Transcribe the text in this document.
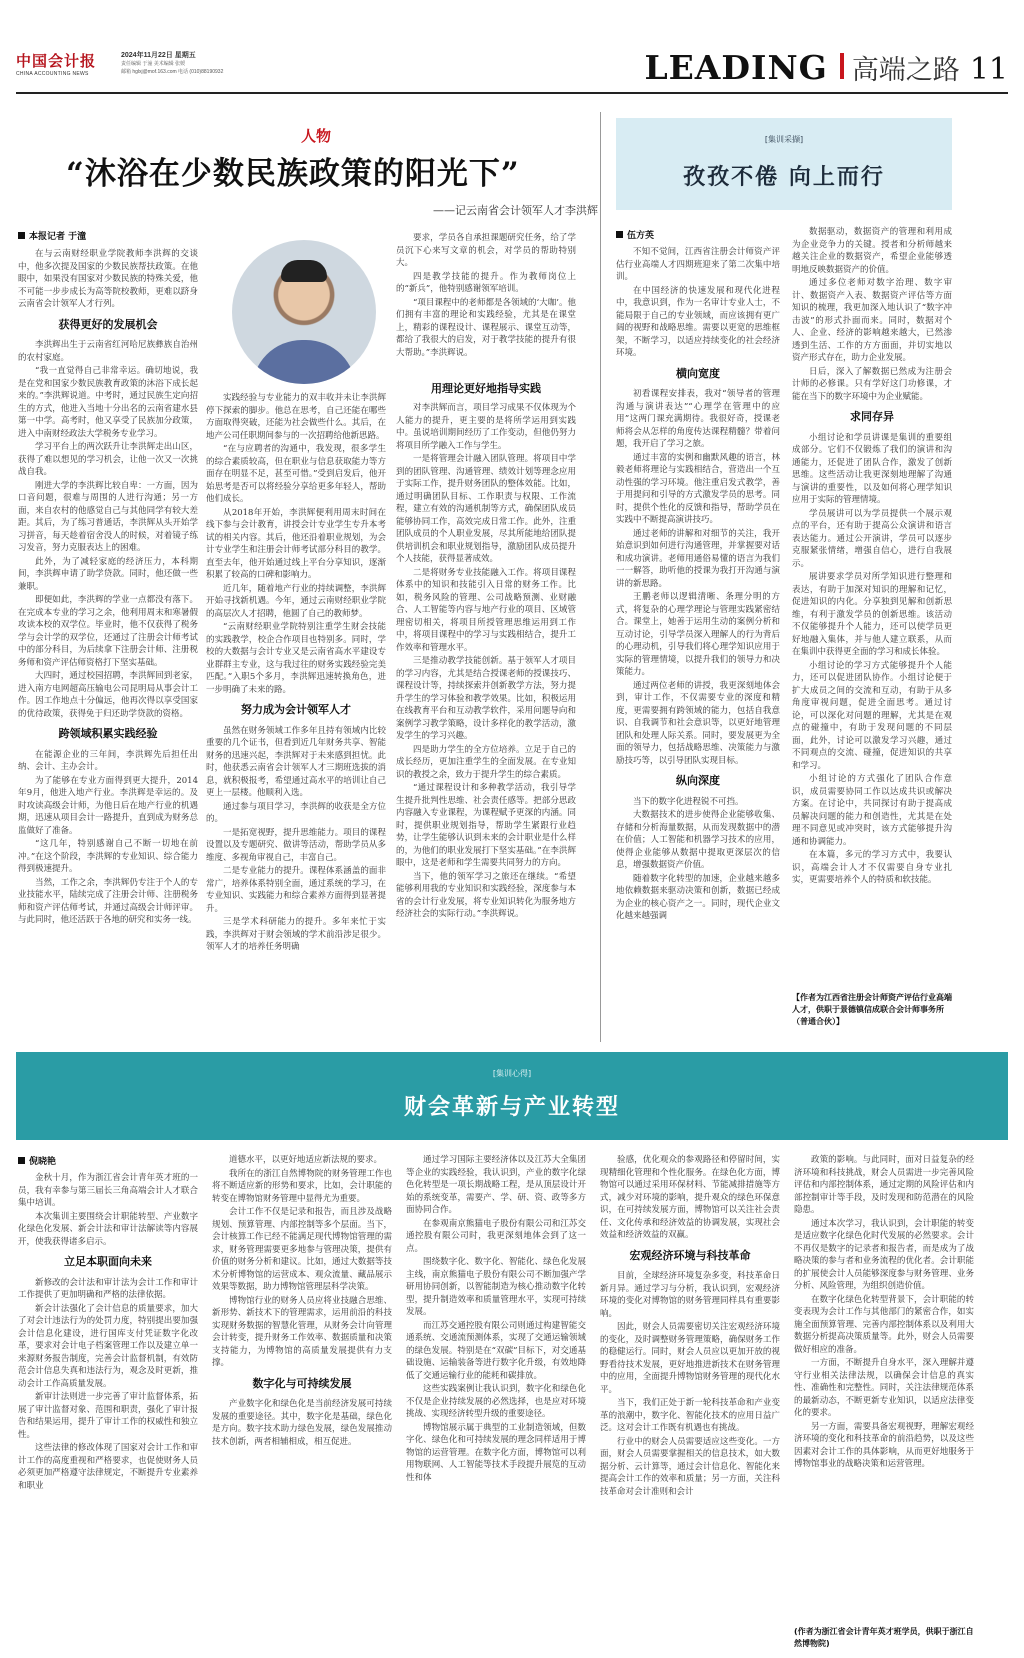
中国会计报
CHINA ACCOUNTING NEWS
2024年11月22日 星期五
责任编辑 于潼 美术编辑 张媛
邮箱 hglxj@mof.163.com 电话 (010)88190932	LEADING 高端之路 11
人物
“沐浴在少数民族政策的阳光下”
——记云南省会计领军人才李洪辉
本报记者 于潼

在与云南财经职业学院教师李洪辉的交谈中，他多次提及国家的少数民族帮扶政策。在他眼中，如果没有国家对少数民族的特殊关爱，他不可能一步步成长为高等院校教师，更难以跻身云南省会计领军人才行列。

获得更好的发展机会

李洪辉出生于云南省红河哈尼族彝族自治州的农村家庭。

“我一直觉得自己非常幸运。确切地说，我是在党和国家少数民族教育政策的沐浴下成长起来的。”李洪辉说道。中考时，通过民族生定向招生的方式，他进入当地十分出名的云南省建水县第一中学。高考时，他又享受了民族加分政策，进入中南财经政法大学税务专业学习。

学习平台上的两次跃升让李洪辉走出山区，获得了难以想见的学习机会，让他一次又一次挑战自我。

刚进大学的李洪辉比较自卑：一方面，因为口音问题，很难与周围的人进行沟通；另一方面，来自农村的他感觉自己与其他同学有较大差距。其后，为了练习普通话，李洪辉从头开始学习拼音，每天趁着宿舍没人的时候，对着镜子练习发音，努力克服表达上的困难。

此外，为了减轻家庭的经济压力，本科期间，李洪辉申请了助学贷款。同时，他还做一些兼职。

即便如此，李洪辉的学业一点都没有落下。在完成本专业的学习之余，他利用周末和寒暑假攻读本校的双学位。毕业时，他不仅获得了税务学与会计学的双学位，还通过了注册会计师考试中的部分科目，为后续拿下注册会计师、注册税务师和资产评估师资格打下坚实基础。

大四时，通过校园招聘，李洪辉回到老家，进入南方电网超高压输电公司昆明局从事会计工作。因工作地点十分偏远，他再次得以享受国家的优待政策，获得免于归还助学贷款的资格。

跨领域积累实践经验

在能源企业的三年间，李洪辉先后担任出纳、会计、主办会计。

为了能够在专业方面得到更大提升，2014年9月，他进入地产行业。李洪辉是幸运的。及时攻读高级会计师，为他日后在地产行业的机遇期，迅速从项目会计一路提升，直到成为财务总监做好了准备。

“这几年，特别感谢自己不断一切地在前冲。”在这个阶段，李洪辉的专业知识、综合能力得到极速提升。

当然，工作之余，李洪辉仍专注于个人的专业技能水平，陆续完成了注册会计师、注册税务师和资产评估师考试，并通过高级会计师评审。与此同时，他还活跃于各地的研究和实务一线。

实践经验与专业能力的双丰收并未让李洪辉停下探索的脚步。他总在思考，自己还能在哪些方面取得突破，还能为社会做些什么。其后，在地产公司任职期间参与的一次招聘给他新思路。

“在与应聘者的沟通中，我发现，很多学生的综合素质较高，但在职业与信息获取能力等方面存在明显不足，甚至可惜。”受到启发后，他开始思考是否可以将经验分享给更多年轻人，帮助他们成长。

从2018年开始，李洪辉便利用周末时间在线下参与会计教育，讲授会计专业学生专升本考试的相关内容。其后，他还沿着职业规划，为会计专业学生和注册会计师考试部分科目的教学。直至去年，他开始通过线上平台分享知识，逐渐积累了较高的口碑和影响力。

近几年，随着地产行业的持续调整，李洪辉开始寻找新机遇。今年，通过云南财经职业学院的高层次人才招聘，他圆了自己的教师梦。

“云南财经职业学院特别注重学生财会技能的实践教学，校企合作项目也特别多。同时，学校的大数据与会计专业又是云南省高水平建设专业群群主专业，这与我过往的财务实践经验完美匹配。”入职5个多月，李洪辉迅速转换角色，进一步明确了未来的路。

努力成为会计领军人才

虽然在财务领域工作多年且持有领域内比较重要的几个证书，但看到近几年财务共享、智能财务的迅速兴起，李洪辉对于未来感到担忧。此时，他获悉云南省会计领军人才三期班选拔的消息，就积极报考，希望通过高水平的培训让自己更上一层楼。他顺利入选。

通过参与项目学习，李洪辉的收获是全方位的。

一是拓宽视野，提升思维能力。项目的课程设置以及专题研究、做讲等活动，帮助学员从多维度、多视角审视自己，丰富自己。

二是专业能力的提升。课程体系涵盖的面非常广，培养体系特别全面，通过系统的学习，在专业知识、实践能力和综合素养方面得到显著提升。

三是学术科研能力的提升。多年来忙于实践，李洪辉对于财会领域的学术前沿涉足很少。领军人才的培养任务明确

要求，学员各自承担课题研究任务，给了学员沉下心来写文章的机会，对学员的帮助特别大。

四是教学技能的提升。作为教师岗位上的“新兵”，他特别感谢领军培训。

“项目课程中的老师都是各领域的‘大咖’。他们拥有丰富的理论和实践经验，尤其是在课堂上，精彩的课程设计、课程展示、课堂互动等，都给了我很大的启发，对于教学技能的提升有很大帮助。”李洪辉说。

用理论更好地指导实践

对李洪辉而言，项目学习成果不仅体现为个人能力的提升，更主要的是将所学运用到实践中。虽说培训期间经历了工作变动，但他仍努力将项目所学融入工作与学生。

一是将管理会计融入团队管理。将项目中学到的团队管理、沟通管理、绩效计划等理念应用于实际工作，提升财务团队的整体效能。比如，通过明确团队目标、工作职责与权限、工作流程，建立有效的沟通机制等方式，确保团队成员能够协同工作，高效完成日常工作。此外，注重团队成员的个人职业发展，尽其所能地给团队提供培训机会和职业规划指导，激励团队成员提升个人技能，获得显著成效。

二是将财务专业技能融入工作。将项目课程体系中的知识和技能引入日常的财务工作。比如，税务风险的管理、公司战略预测、业财融合、人工智能等内容与地产行业的项目、区域管理密切相关，将项目所授管理思维运用到工作中，将项目课程中的学习与实践相结合，提升工作效率和管理水平。

三是推动教学技能创新。基于领军人才项目的学习内容，尤其是结合授课老师的授课技巧、课程设计等，持续探索并创新教学方法，努力提升学生的学习体验和教学效果。比如，积极运用在线教育平台和互动教学软件，采用问题导向和案例学习教学策略，设计多样化的教学活动，激发学生的学习兴趣。

四是助力学生的全方位培养。立足于自己的成长经历，更加注重学生的全面发展。在专业知识的教授之余，致力于提升学生的综合素质。

“通过课程设计和多种教学活动，我引导学生提升批判性思维、社会责任感等。把部分思政内容融入专业课程，为课程赋予更深的内涵。同时，提供职业规划指导，帮助学生紧跟行业趋势，让学生能够认识到未来的会计职业是什么样的，为他们的职业发展打下坚实基础。”在李洪辉眼中，这是老师和学生需要共同努力的方向。

当下，他的领军学习之旅还在继续。“希望能够利用我的专业知识和实践经验，深度参与本省的会计行业发展，将专业知识转化为服务地方经济社会的实际行动。”李洪辉说。

[集训采撷]
孜孜不倦 向上而行
伍方英

不知不觉间，江西省注册会计师资产评估行业高端人才四期班迎来了第二次集中培训。

在中国经济的快速发展和现代化进程中，我意识到，作为一名审计专业人士，不能局限于自己的专业领域，而应该拥有更广阔的视野和战略思维。需要以更宽的思维框架，不断学习，以适应持续变化的社会经济环境。

横向宽度

初看课程安排表，我对“领导者的管理沟通与演讲表达”“心理学在管理中的应用”这两门课充满期待。我很好奇，授课老师将会从怎样的角度传达课程精髓？带着问题，我开启了学习之旅。

通过丰富的实例和幽默风趣的语言，林毅老师将理论与实践相结合，营造出一个互动性强的学习环境。他注重启发式教学，善于用提问和引导的方式激发学员的思考。同时，提供个性化的反馈和指导，帮助学员在实践中不断提高演讲技巧。

通过老师的讲解和对细节的关注，我开始意识到如何进行沟通管理，并掌握要对话和成功演讲。老师用通俗易懂的语言为我们一一解答，助听他的授课为我打开沟通与演讲的新思路。

王鹏老师以逻辑清晰、条理分明的方式，将复杂的心理学理论与管理实践紧密结合。课堂上，她善于运用生动的案例分析和互动讨论，引导学员深入理解人的行为背后的心理动机，引导我们将心理学知识应用于实际的管理情境，以提升我们的领导力和决策能力。

通过两位老师的讲授，我更深刻地体会到，审计工作，不仅需要专业的深度和精度，更需要拥有跨领域的能力，包括自我意识、自我调节和社会意识等，以更好地管理团队和处理人际关系。同时，要发展更为全面的领导力，包括战略思维、决策能力与激励技巧等，以引导团队实现目标。

纵向深度

当下的数字化进程锐不可挡。

大数据技术的进步使得企业能够收集、存储和分析海量数据，从而发现数据中的潜在价值；人工智能和机器学习技术的应用，使得企业能够从数据中提取更深层次的信息，增强数据资产价值。

随着数字化转型的加速，企业越来越多地依赖数据来驱动决策和创新，数据已经成为企业的核心资产之一。同时，现代企业文化越来越强调

数据驱动，数据资产的管理和利用成为企业竞争力的关键。授者和分析师越来越关注企业的数据资产，希望企业能够透明地反映数据资产的价值。

通过多位老师对数字治理、数字审计、数据资产入表、数据资产评估等方面知识的梳理，我更加深入地认识了“数字冲击波”的形式扑面而来。同时，数据对个人、企业、经济的影响越来越大，已然渗透到生活、工作的方方面面，并切实地以资产形式存在，助力企业发展。

日后，深入了解数据已然成为注册会计师的必修课。只有学好这门功修课，才能在当下的数字环境中为企业赋能。

求同存异

小组讨论和学员讲课是集训的重要组成部分。它们不仅锻炼了我们的演讲和沟通能力，还促进了团队合作，激发了创新思维。这些活动让我更深刻地理解了沟通与演讲的重要性，以及如何将心理学知识应用于实际的管理情境。

学员展讲可以为学员提供一个展示观点的平台，还有助于提高公众演讲和语言表达能力。通过公开演讲，学员可以逐步克服紧张情绪，增强自信心，进行自我展示。

展讲要求学员对所学知识进行整理和表达，有助于加深对知识的理解和记忆，促进知识的内化。分享独到见解和创新思维，有利于激发学员的创新思维。该活动不仅能够提升个人能力，还可以使学员更好地融入集体，并与他人建立联系，从而在集训中获得更全面的学习和成长体验。

小组讨论的学习方式能够提升个人能力，还可以促进团队协作。小组讨论便于扩大成员之间的交流和互动，有助于从多角度审视问题，促进全面思考。通过讨论，可以深化对问题的理解，尤其是在观点的碰撞中，有助于发现问题的不同层面，此外，讨论可以激发学习兴趣，通过不同观点的交流、碰撞，促进知识的共享和学习。

小组讨论的方式强化了团队合作意识，成员需要协同工作以达成共识或解决方案。在讨论中，共同探讨有助于提高成员解决问题的能力和创造性，尤其是在处理不同意见或冲突时，该方式能够提升沟通和协调能力。

在本篇，多元的学习方式中，我要认识，高端会计人才不仅需要自身专业扎实，更需要培养个人的特质和软技能。

【作者为江西省注册会计师资产评估行业高端人才，供职于景德镇信成联合会计师事务所（普通合伙）】
[集训心得]
财会革新与产业转型
倪晓艳

金秋十月，作为浙江省会计青年英才班的一员，我有幸参与第三届长三角高端会计人才联合集中培训。

本次集训主要围绕会计职能转型、产业数字化绿色化发展、新会计法和审计法解读等内容展开，使我获得诸多启示。

立足本职面向未来

新修改的会计法和审计法为会计工作和审计工作提供了更加明确和严格的法律依据。

新会计法强化了会计信息的质量要求，加大了对会计违法行为的处罚力度，特别提出要加强会计信息化建设，进行国库支付凭证数字化改革，要求对会计电子档案管理工作以及建立单一来源财务报告制度，完善会计监督机制，有效防范会计信息失真和违法行为，观念及时更新，推动会计工作高质量发展。

新审计法则进一步完善了审计监督体系，拓展了审计监督对象、范围和职责，强化了审计报告和结果运用，提升了审计工作的权威性和独立性。

这些法律的修改体现了国家对会计工作和审计工作的高度重视和严格要求，也促使财务人员必须更加严格遵守法律规定，不断提升专业素养和职业

道德水平，以更好地适应新法规的要求。

我所在的浙江自然博物院的财务管理工作也将不断适应新的形势和要求，比如，会计职能的转变在博物馆财务管理中显得尤为重要。

会计工作不仅是记录和报告，而且涉及战略规划、预算管理、内部控制等多个层面。当下，会计核算工作已经不能满足现代博物馆管理的需求，财务管理需要更多地参与管理决策，提供有价值的财务分析和建议。比如，通过大数据等技术分析博物馆的运营成本、观众流量、藏品展示效果等数据，助力博物馆管理层科学决策。

博物馆行业的财务人员应将业技融合思维、新形势、新技术下的管理需求，运用前沿的科技实现财务数据的智慧化管理，从财务会计向管理会计转变，提升财务工作效率、数据质量和决策支持能力，为博物馆的高质量发展提供有力支撑。

数字化与可持续发展

产业数字化和绿色化是当前经济发展可持续发展的重要途径。其中，数字化是基础，绿色化是方向。数字技术助力绿色发展，绿色发展推动技术创新，两者相辅相成，相互促进。

通过学习国际主要经济体以及江苏大全集团等企业的实践经验，我认识到，产业的数字化绿色化转型是一项长期战略工程，是从顶层设计开始的系统变革，需要产、学、研、资、政等多方面协同合作。

在参观南京熊猫电子股份有限公司和江苏交通控股有限公司时，我更深刻地体会到了这一点。

围绕数字化、数字化、智能化、绿色化发展主线，南京熊猫电子股份有限公司不断加强产学研用协同创新，以智能制造为核心推动数字化转型，提升制造效率和质量管理水平，实现可持续发展。

而江苏交通控股有限公司则通过构建智能交通系统、交通流预测体系，实现了交通运输领域的绿色发展。特别是在“双碳”目标下，对交通基础设施、运输装备等进行数字化升级，有效地降低了交通运输行业的能耗和碳排放。

这些实践案例让我认识到，数字化和绿色化不仅是企业持续发展的必然选择，也是应对环境挑战、实现经济转型升级的重要途径。

博物馆展示属于典型的工业制造领域，但数字化、绿色化和可持续发展的理念同样适用于博物馆的运营管理。在数字化方面，博物馆可以利用物联网、人工智能等技术手段提升展览的互动性和体

验感，优化观众的参观路径和停留时间，实现精细化管理和个性化服务。在绿色化方面，博物馆可以通过采用环保材料、节能减排措施等方式，减少对环境的影响，提升观众的绿色环保意识，在可持续发展方面，博物馆可以关注社会责任、文化传承和经济效益的协调发展，实现社会效益和经济效益的双赢。

宏观经济环境与科技革命

目前，全球经济环境复杂多变，科技革命日新月异。通过学习与分析，我认识到，宏观经济环境的变化对博物馆的财务管理同样具有重要影响。

因此，财会人员需要密切关注宏观经济环境的变化，及时调整财务管理策略，确保财务工作的稳健运行。同时，财会人员应以更加开放的视野看待技术发展，更好地推进新技术在财务管理中的应用，全面提升博物馆财务管理的现代化水平。

当下，我们正处于新一轮科技革命和产业变革的浪潮中，数字化、智能化技术的应用日益广泛。这对会计工作既有机遇也有挑战。

行业中的财会人员需要适应这些变化。一方面，财会人员需要掌握相关的信息技术，如大数据分析、云计算等，通过会计信息化、智能化来提高会计工作的效率和质量；另一方面，关注科技革命对会计准则和会计

政策的影响。与此同时，面对日益复杂的经济环境和科技挑战，财会人员需进一步完善风险评估和内部控制体系，通过定期的风险评估和内部控制审计等手段，及时发现和防范潜在的风险隐患。

通过本次学习，我认识到，会计职能的转变是适应数字化绿色化时代发展的必然要求。会计不再仅是数字的记录者和报告者，而是成为了战略决策的参与者和业务流程的优化者。会计职能的扩展使会计人员能够深度参与财务管理、业务分析、风险管理，为组织创造价值。

在数字化绿色化转型背景下，会计职能的转变表现为会计工作与其他部门的紧密合作，如实施全面预算管理、完善内部控制体系以及利用大数据分析提高决策质量等。此外，财会人员需要做好相应的准备。

一方面，不断提升自身水平，深入理解并遵守行业相关法律法规，以确保会计信息的真实性、准确性和完整性。同时，关注法律规范体系的最新动态，不断更新专业知识，以适应法律变化的要求。

另一方面，需要具备宏观视野，理解宏观经济环境的变化和科技革命的前沿趋势，以及这些因素对会计工作的具体影响，从而更好地服务于博物馆事业的战略决策和运营管理。

(作者为浙江省会计青年英才班学员，供职于浙江自然博物院)
